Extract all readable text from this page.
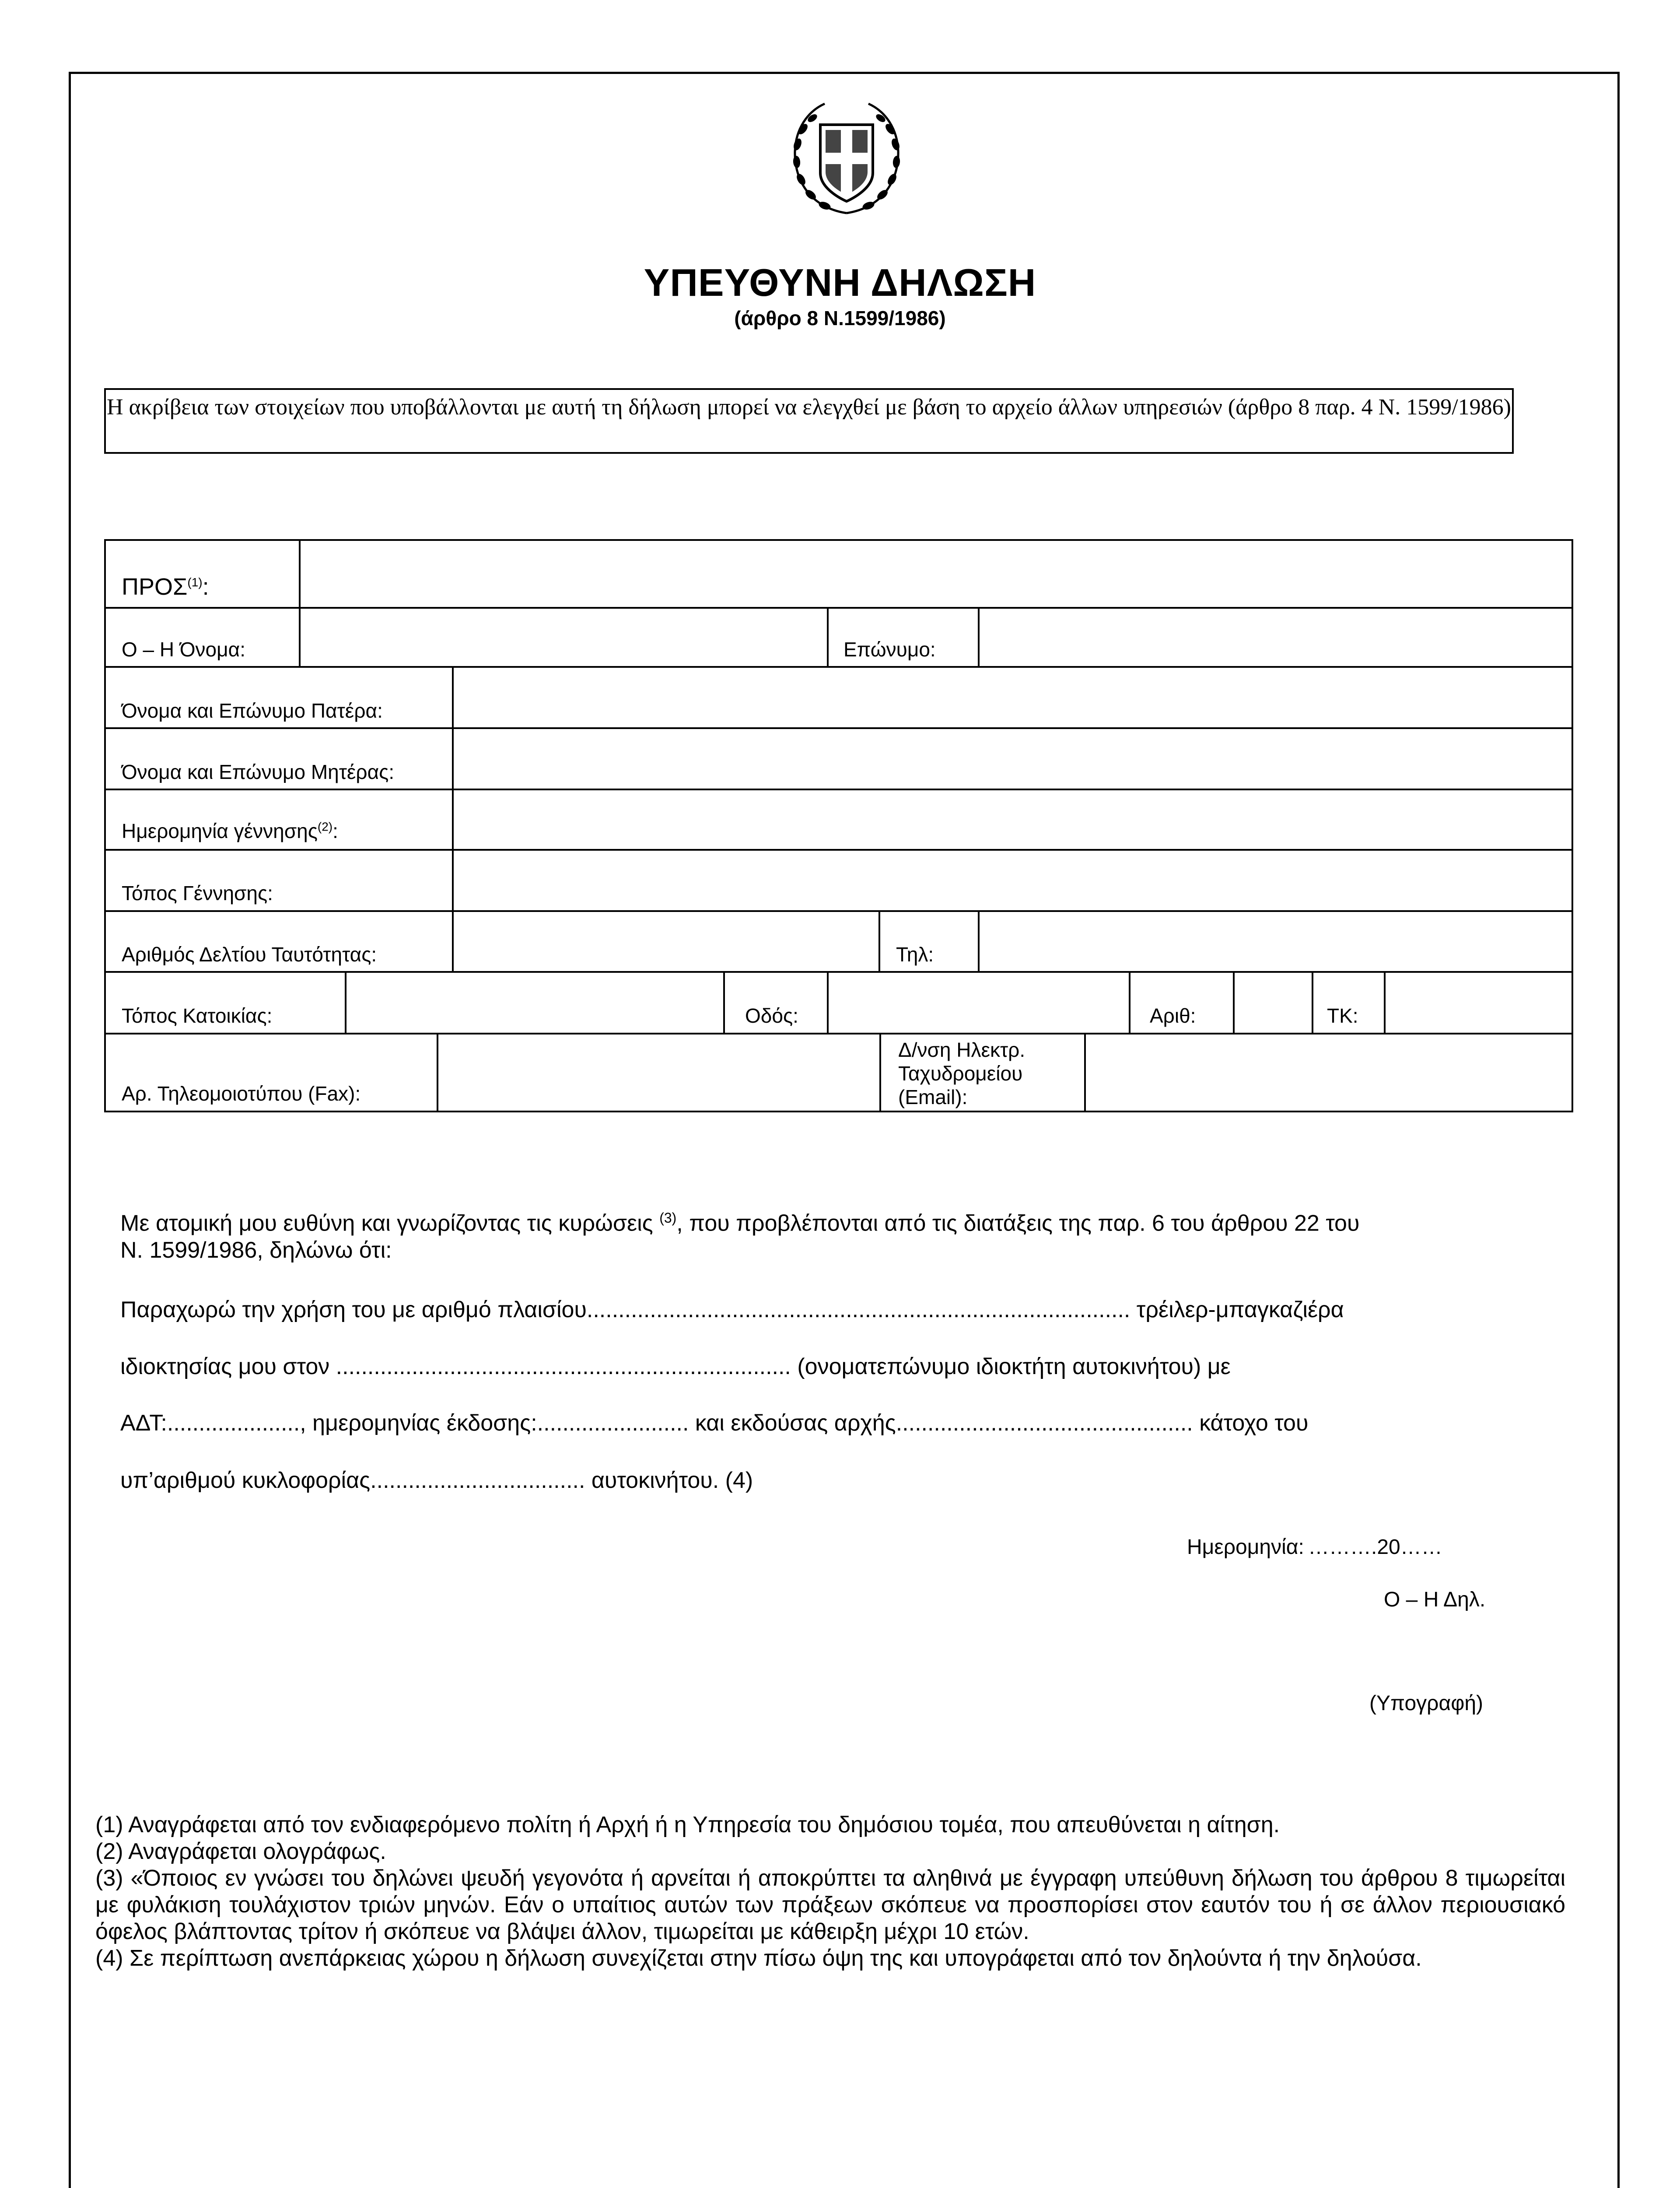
ΥΠΕΥΘΥΝΗ ΔΗΛΩΣΗ
(άρθρο 8 Ν.1599/1986)
Η ακρίβεια των στοιχείων που υποβάλλονται με αυτή τη δήλωση μπορεί να ελεγχθεί με βάση το αρχείο άλλων υπηρεσιών (άρθρο 8 παρ. 4 Ν. 1599/1986)
ΠΡΟΣ$^{(1)}$:
Ο – Η Όνομα:	Επώνυμο:
Όνομα και Επώνυμο Πατέρα:
Όνομα και Επώνυμο Μητέρας:
Ημερομηνία γέννησης$^{(2)}$:
Τόπος Γέννησης:
Αριθμός Δελτίου Ταυτότητας:	Τηλ:
Τόπος Κατοικίας:	Οδός:	Αριθ:	ΤΚ:
Αρ. Τηλεομοιοτύπου (Fax):
Δ/νση Ηλεκτρ.
Ταχυδρομείου
(Email):
Με ατομική μου ευθύνη και γνωρίζοντας τις κυρώσεις $^{(3)}$, που προβλέπονται από τις διατάξεις της παρ. 6 του άρθρου 22 του
Ν. 1599/1986, δηλώνω ότι:
Παραχωρώ την χρήση του με αριθμό πλαισίου...................................................................................... τρέιλερ-μπαγκαζιέρα
ιδιοκτησίας μου στον ........................................................................ (ονοματεπώνυμο ιδιοκτήτη αυτοκινήτου) με
ΑΔΤ:....................., ημερομηνίας έκδοσης:........................ και εκδούσας αρχής............................................... κάτοχο του
υπ’αριθμού κυκλοφορίας.................................. αυτοκινήτου. (4)
Ημερομηνία: ……….20……
Ο – Η Δηλ.
(Υπογραφή)

(1) Αναγράφεται από τον ενδιαφερόμενο πολίτη ή Αρχή ή η Υπηρεσία του δημόσιου τομέα, που απευθύνεται η αίτηση.

(2) Αναγράφεται ολογράφως.

(3) «Όποιος εν γνώσει του δηλώνει ψευδή γεγονότα ή αρνείται ή αποκρύπτει τα αληθινά με έγγραφη υπεύθυνη δήλωση του άρθρου 8 τιμωρείται με φυλάκιση τουλάχιστον τριών μηνών. Εάν ο υπαίτιος αυτών των πράξεων σκόπευε να προσπορίσει στον εαυτόν του ή σε άλλον περιουσιακό όφελος βλάπτοντας τρίτον ή σκόπευε να βλάψει άλλον, τιμωρείται με κάθειρξη μέχρι 10 ετών.

(4) Σε περίπτωση ανεπάρκειας χώρου η δήλωση συνεχίζεται στην πίσω όψη της και υπογράφεται από τον δηλούντα ή την δηλούσα.
